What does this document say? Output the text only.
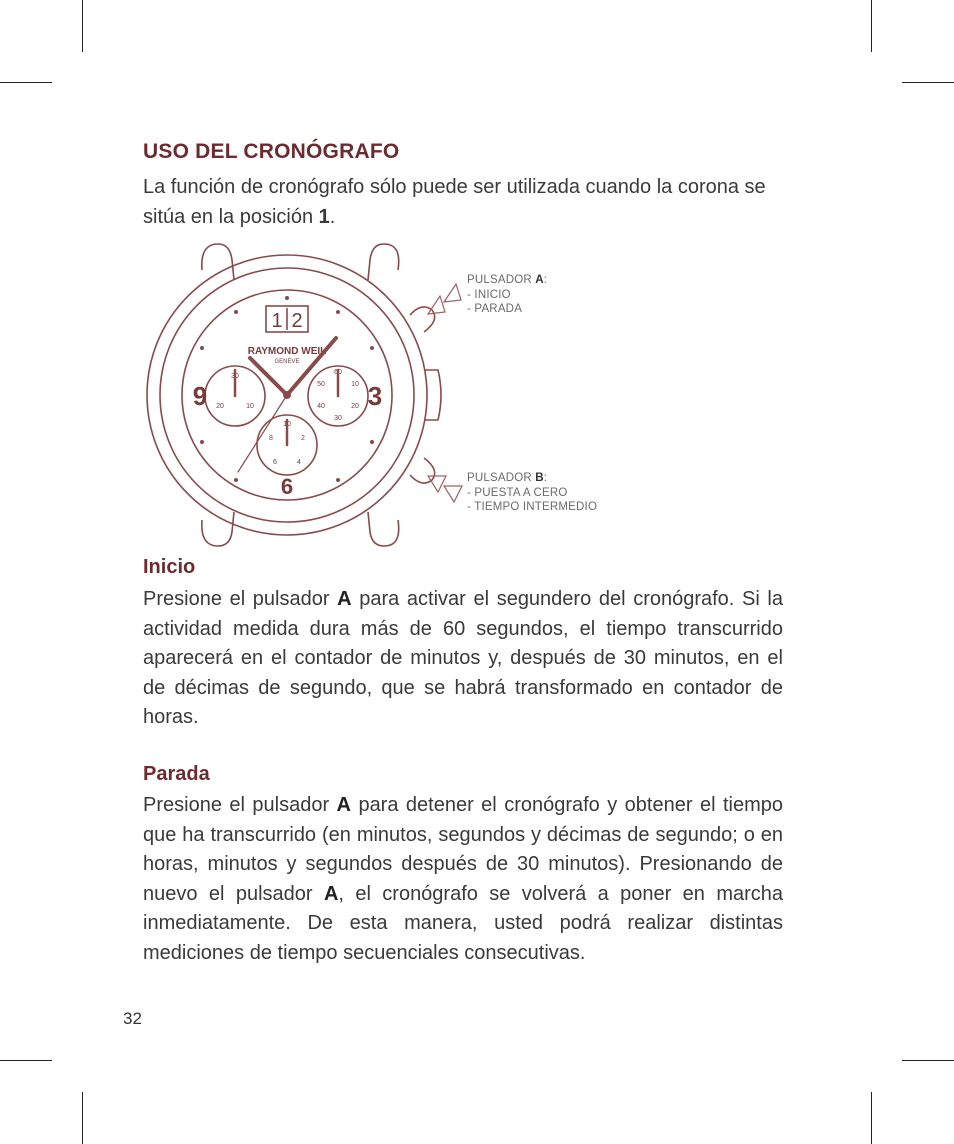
USO DEL CRONÓGRAFO

La función de cronógrafo sólo puede ser utilizada cuando la corona se sitúa en la posición 1.

1 2
RAYMOND WEIL
GENEVE
9	3
6
30
20	10
60
50	10
40	20
30
10
8	2
6	4
PULSADOR A:
- INICIO
- PARADA
PULSADOR B:
- PUESTA A CERO
- TIEMPO INTERMEDIO
Inicio

Presione el pulsador A para activar el segundero del cronógrafo. Si la actividad medida dura más de 60 segundos, el tiempo transcurrido aparecerá en el contador de minutos y, después de 30 minutos, en el de décimas de segundo, que se habrá transformado en contador de horas.

Parada

Presione el pulsador A para detener el cronógrafo y obtener el tiempo que ha transcurrido (en minutos, segundos y décimas de segundo; o en horas, minutos y segundos después de 30 minutos). Presionando de nuevo el pulsador A, el cronógrafo se volverá a poner en marcha inmediatamente. De esta manera, usted podrá realizar distintas mediciones de tiempo secuenciales consecutivas.

32
